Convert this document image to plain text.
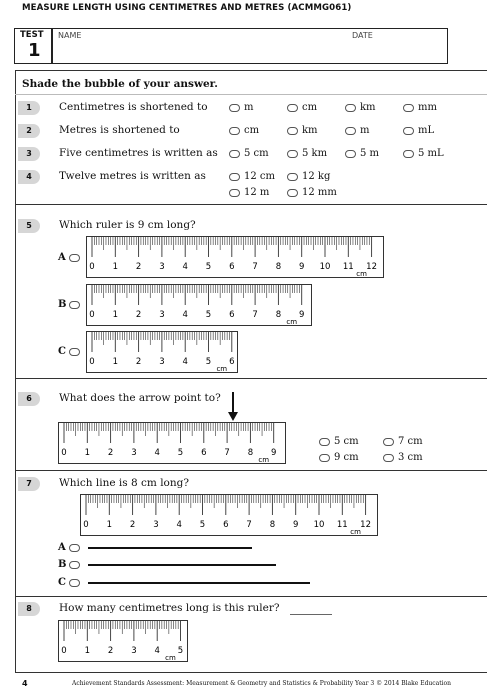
MEASURE LENGTH USING CENTIMETRES AND METRES (ACMMG061)
TEST
1
NAME	DATE
Shade the bubble of your answer.
1	Centimetres is shortened to	m	cm	km	mm
2	Metres is shortened to	cm	km	m	mL
3	Five centimetres is written as	5 cm	5 km	5 m	5 mL
4	Twelve metres is written as	12 cm	12 kg
12 m	12 mm
5	Which ruler is 9 cm long?
A
0 1 2 3 4 5 6 7 8 9 10 11 12
cm
B
0 1 2 3 4 5 6 7 8 9
cm
C
0 1 2 3 4 5 6
cm
6	What does the arrow point to?
0 1 2 3 4 5 6 7 8 9
cm
5 cm	7 cm
9 cm	3 cm
7	Which line is 8 cm long?
0 1 2 3 4 5 6 7 8 9 10 11 12
cm
A
B
C
8	How many centimetres long is this ruler?
0 1 2 3 4 5
cm
4	Achievement Standards Assessment: Measurement & Geometry and Statistics & Probability Year 3 © 2014 Blake Education
